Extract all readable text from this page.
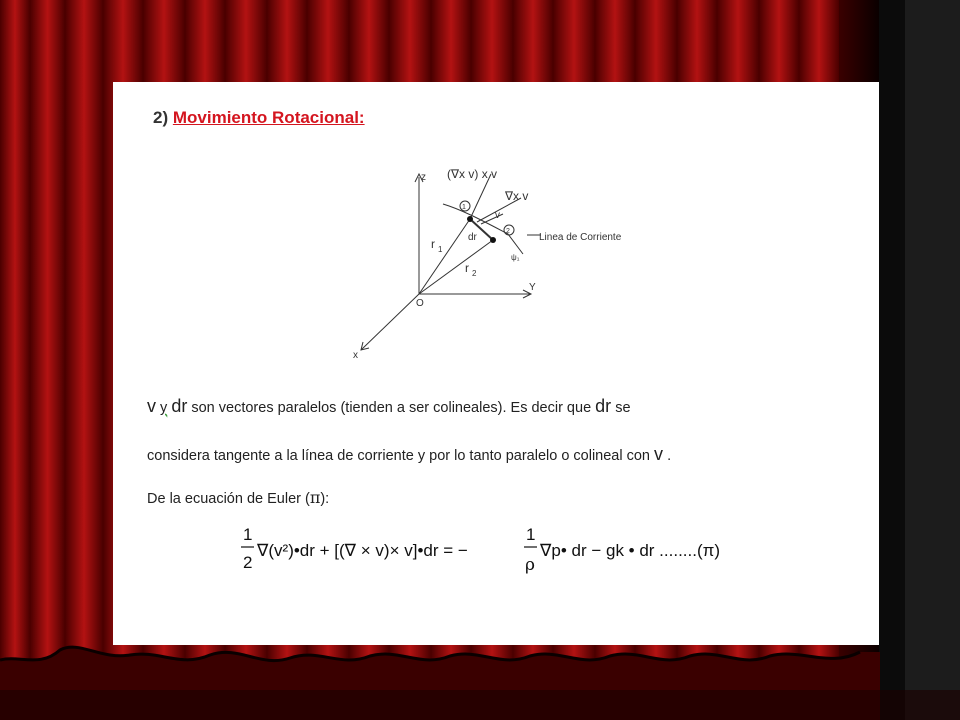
2) Movimiento Rotacional:
z
Y
x
O
(∇x v) x v
∇x v
v
1
2
dr
r 1
r 2
ψ₁
Linea de Corriente
v y dr son vectores paralelos (tienden a ser colineales). Es decir que dr se
considera tangente a la línea de corriente y por lo tanto paralelo o colineal con v .
De la ecuación de Euler (π):
1
2
∇(v²)•dr + [(∇ × v)× v]•dr = −
1
ρ
∇p• dr − gk • dr ........(π)
